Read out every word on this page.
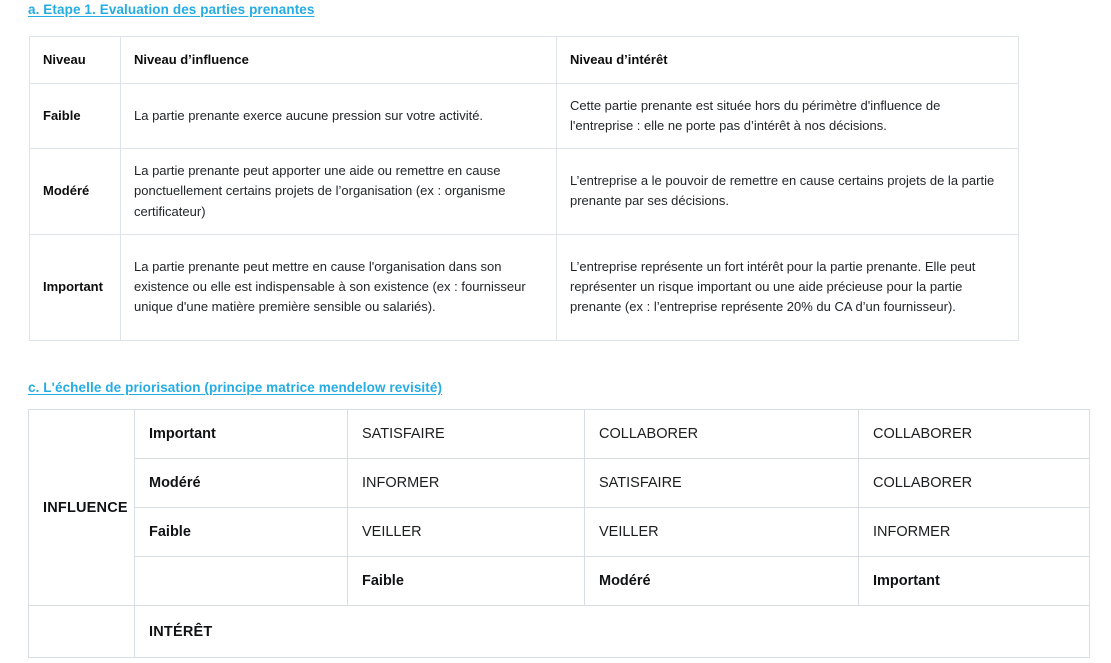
a. Etape 1. Evaluation des parties prenantes
Niveau	Niveau d’influence	Niveau d’intérêt
Faible	La partie prenante exerce aucune pression sur votre activité.	Cette partie prenante est située hors du périmètre d'influence de l'entreprise : elle ne porte pas d’intérêt à nos décisions.
Modéré	La partie prenante peut apporter une aide ou remettre en cause ponctuellement certains projets de l’organisation (ex : organisme certificateur)	L’entreprise a le pouvoir de remettre en cause certains projets de la partie prenante par ses décisions.
Important	La partie prenante peut mettre en cause l'organisation dans son existence ou elle est indispensable à son existence (ex : fournisseur unique d'une matière première sensible ou salariés).	L’entreprise représente un fort intérêt pour la partie prenante. Elle peut représenter un risque important ou une aide précieuse pour la partie prenante (ex : l’entreprise représente 20% du CA d’un fournisseur).
c. L'échelle de priorisation (principe matrice mendelow revisité)
INFLUENCE	Important	SATISFAIRE	COLLABORER	COLLABORER
	Modéré	INFORMER	SATISFAIRE	COLLABORER
	Faible	VEILLER	VEILLER	INFORMER
		Faible	Modéré	Important
	INTÉRÊT			
